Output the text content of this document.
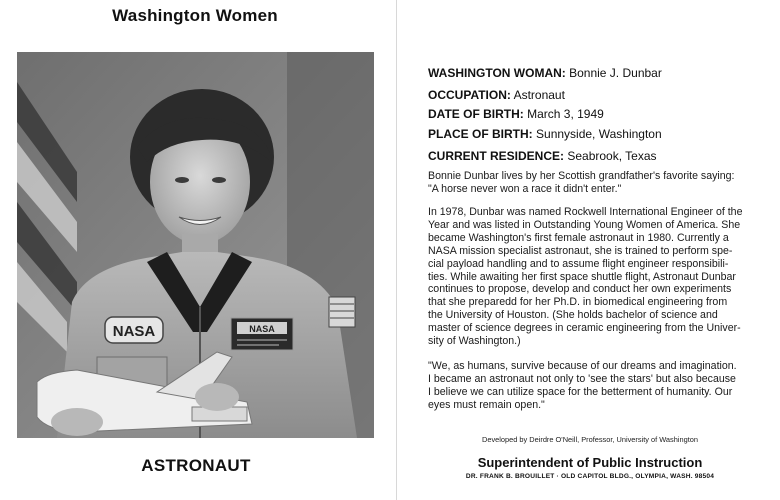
Washington Women
NASA	NASA
ASTRONAUT
WASHINGTON WOMAN: Bonnie J. Dunbar
OCCUPATION: Astronaut
DATE OF BIRTH: March 3, 1949
PLACE OF BIRTH: Sunnyside, Washington
CURRENT RESIDENCE: Seabrook, Texas
Bonnie Dunbar lives by her Scottish grandfather's favorite saying:
"A horse never won a race it didn't enter."
In 1978, Dunbar was named Rockwell International Engineer of the
Year and was listed in Outstanding Young Women of America. She
became Washington's first female astronaut in 1980. Currently a
NASA mission specialist astronaut, she is trained to perform spe-
cial payload handling and to assume flight engineer responsibili-
ties. While awaiting her first space shuttle flight, Astronaut Dunbar
continues to propose, develop and conduct her own experiments
that she preparedd for her Ph.D. in biomedical engineering from
the University of Houston. (She holds bachelor of science and
master of science degrees in ceramic engineering from the Univer-
sity of Washington.)
"We, as humans, survive because of our dreams and imagination.
I became an astronaut not only to 'see the stars' but also because
I believe we can utilize space for the betterment of humanity. Our
eyes must remain open."
Developed by Deirdre O'Neill, Professor, University of Washington
Superintendent of Public Instruction
DR. FRANK B. BROUILLET · OLD CAPITOL BLDG., OLYMPIA, WASH. 98504
